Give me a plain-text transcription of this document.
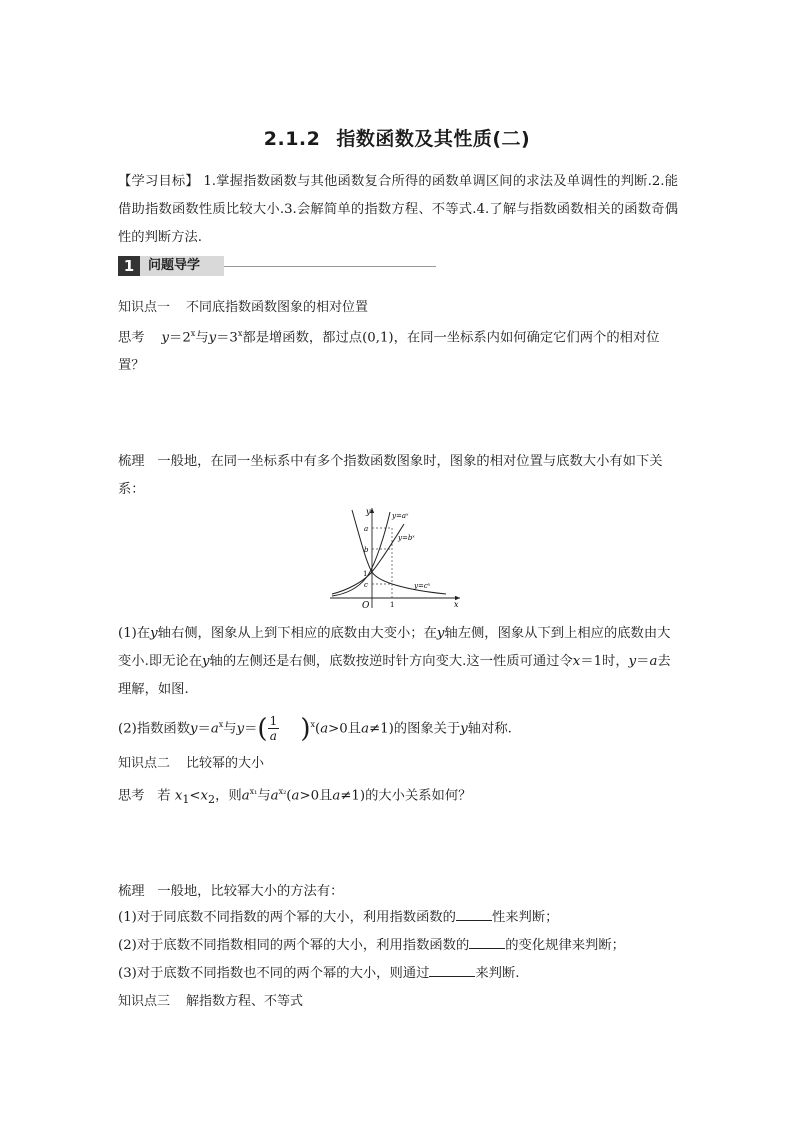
2.1.2 指数函数及其性质(二)
【学习目标】 1.掌握指数函数与其他函数复合所得的函数单调区间的求法及单调性的判断.2.能借助指数函数性质比较大小.3.会解简单的指数方程、不等式.4.了解与指数函数相关的函数奇偶性的判断方法.
1	问题导学
知识点一 不同底指数函数图象的相对位置
思考 $y=2^x$与$y=3^x$都是增函数，都过点(0,1)，在同一坐标系内如何确定它们两个的相对位置？
梳理 一般地，在同一坐标系中有多个指数函数图象时，图象的相对位置与底数大小有如下关系：
y
x
O	1
1
a
b
c
y=aˣ
y=bˣ
y=cˣ
(1)在y轴右侧，图象从上到下相应的底数由大变小；在y轴左侧，图象从下到上相应的底数由大变小.即无论在y轴的左侧还是右侧，底数按逆时针方向变大.这一性质可通过令x＝1时，y＝a去理解，如图.
(2)指数函数$y=a^x$与$y=( \frac{1}{a} )^x(a>0$且a≠1)的图象关于y轴对称.
知识点二 比较幂的大小
思考 若 $x_1<x_2$，则$a^{x_1}$与$a^{x_2}(a>0$且a≠1)的大小关系如何？
梳理 一般地，比较幂大小的方法有：
(1)对于同底数不同指数的两个幂的大小，利用指数函数的	性来判断；
(2)对于底数不同指数相同的两个幂的大小，利用指数函数的	的变化规律来判断；
(3)对于底数不同指数也不同的两个幂的大小，则通过	来判断.
知识点三 解指数方程、不等式
